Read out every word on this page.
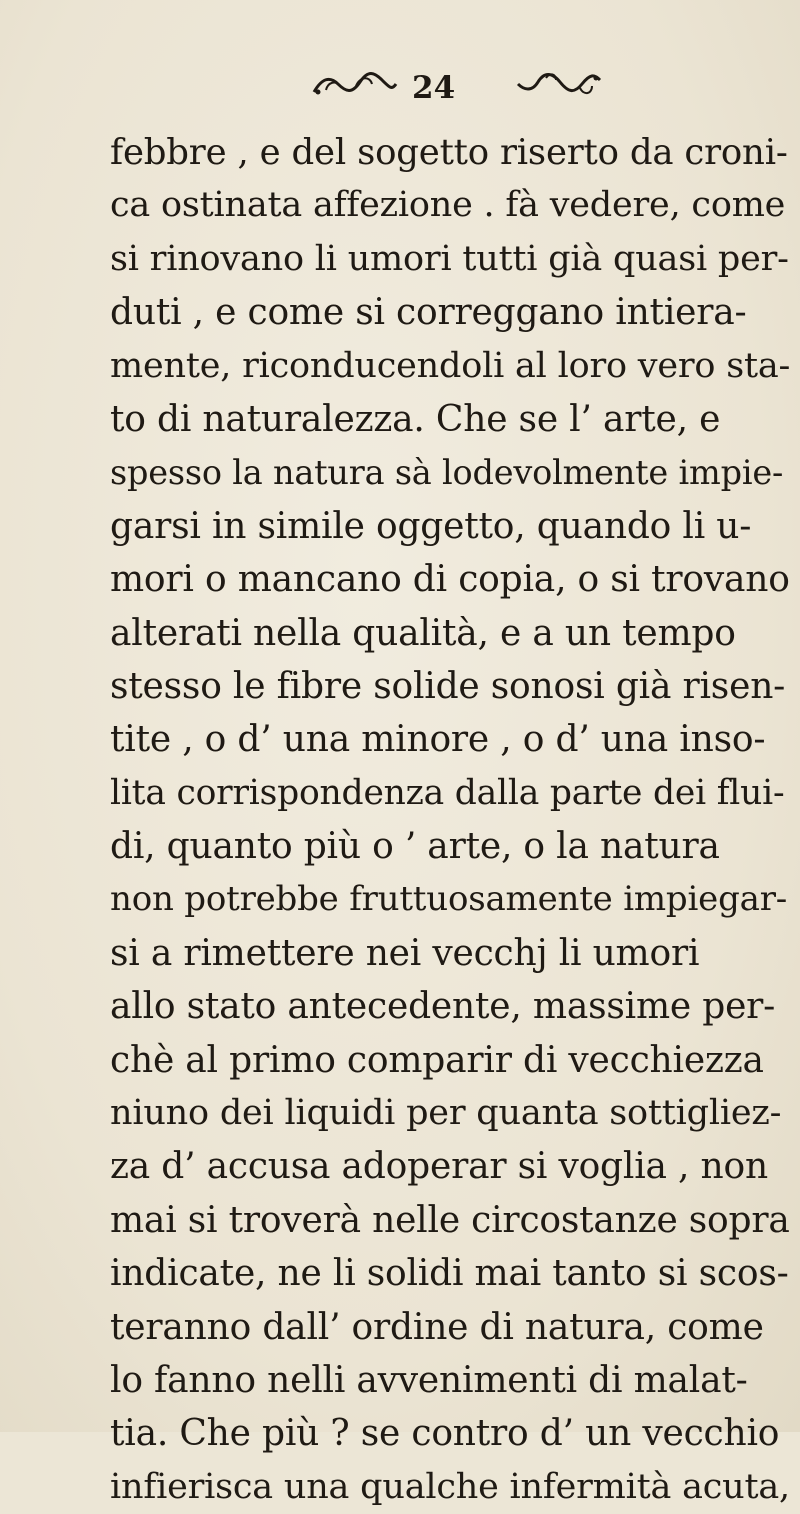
24
febbre , e del sogetto riserto da croni-
ca ostinata affezione . fà vedere, come
si rinovano li umori tutti già quasi per-
duti , e come si correggano intiera-
mente, riconducendoli al loro vero sta-
to di naturalezza. Che se l’ arte, e
spesso la natura sà lodevolmente impie-
garsi in simile oggetto, quando li u-
mori o mancano di copia, o si trovano
alterati nella qualità, e a un tempo
stesso le fibre solide sonosi già risen-
tite , o d’ una minore , o d’ una inso-
lita corrispondenza dalla parte dei flui-
di, quanto più o ’ arte, o la natura
non potrebbe fruttuosamente impiegar-
si a rimettere nei vecchj li umori
allo stato antecedente, massime per-
chè al primo comparir di vecchiezza
niuno dei liquidi per quanta sottigliez-
za d’ accusa adoperar si voglia , non
mai si troverà nelle circostanze sopra
indicate, ne li solidi mai tanto si scos-
teranno dall’ ordine di natura, come
lo fanno nelli avvenimenti di malat-
tia. Che più ? se contro d’ un vecchio
infierisca una qualche infermità acuta,
